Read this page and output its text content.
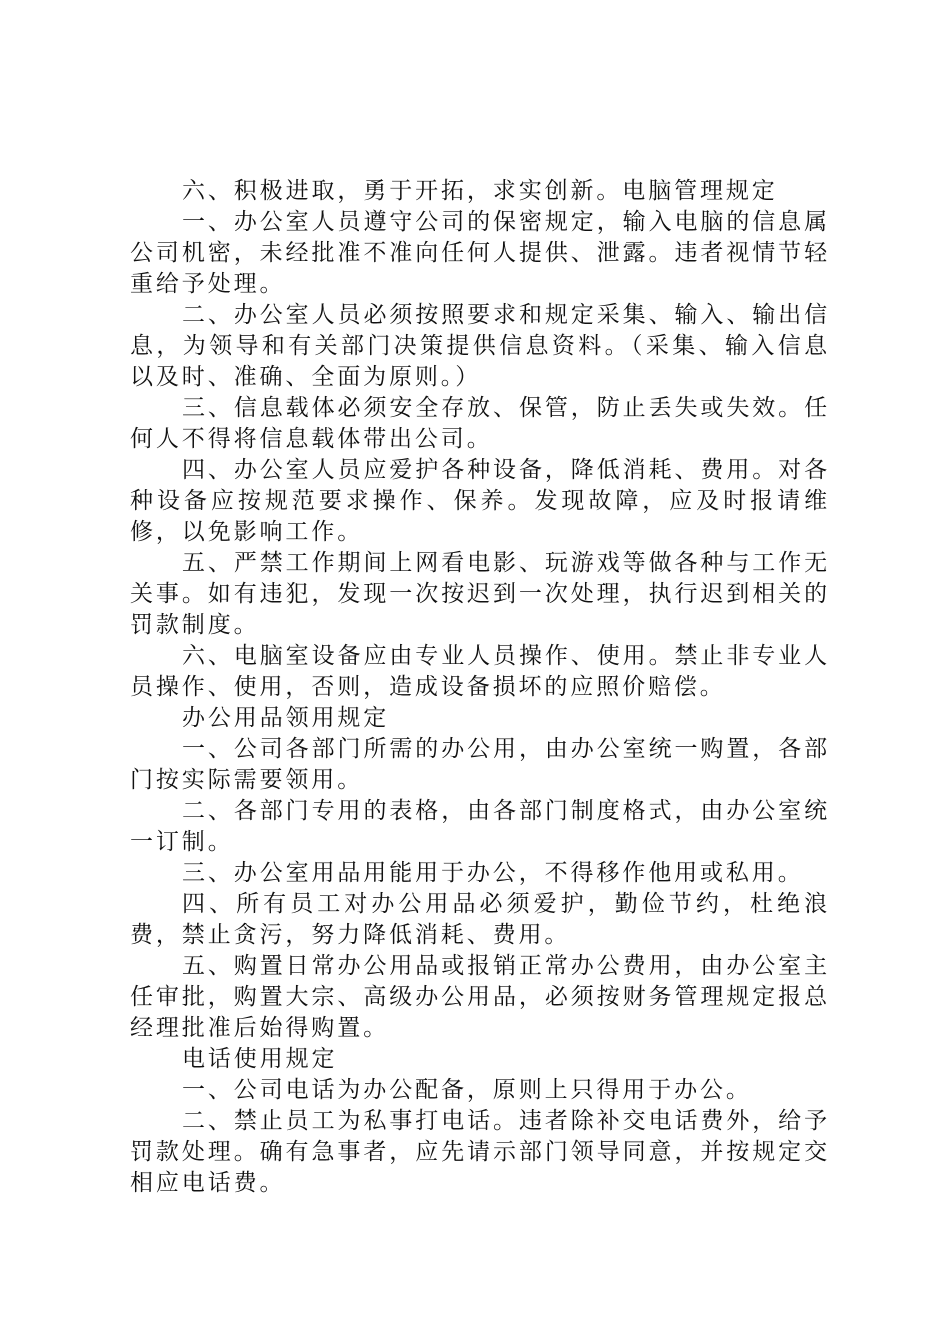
六、积极进取，勇于开拓，求实创新。电脑管理规定

一、办公室人员遵守公司的保密规定，输入电脑的信息属公司机密，未经批准不准向任何人提供、泄露。违者视情节轻重给予处理。

二、办公室人员必须按照要求和规定采集、输入、输出信息，为领导和有关部门决策提供信息资料。（采集、输入信息以及时、准确、全面为原则。）

三、信息载体必须安全存放、保管，防止丢失或失效。任何人不得将信息载体带出公司。

四、办公室人员应爱护各种设备，降低消耗、费用。对各种设备应按规范要求操作、保养。发现故障，应及时报请维修，以免影响工作。

五、严禁工作期间上网看电影、玩游戏等做各种与工作无关事。如有违犯，发现一次按迟到一次处理，执行迟到相关的罚款制度。

六、电脑室设备应由专业人员操作、使用。禁止非专业人员操作、使用，否则，造成设备损坏的应照价赔偿。

办公用品领用规定

一、公司各部门所需的办公用，由办公室统一购置，各部门按实际需要领用。

二、各部门专用的表格，由各部门制度格式，由办公室统一订制。

三、办公室用品用能用于办公，不得移作他用或私用。

四、所有员工对办公用品必须爱护，勤俭节约，杜绝浪费，禁止贪污，努力降低消耗、费用。

五、购置日常办公用品或报销正常办公费用，由办公室主任审批，购置大宗、高级办公用品，必须按财务管理规定报总经理批准后始得购置。

电话使用规定

一、公司电话为办公配备，原则上只得用于办公。

二、禁止员工为私事打电话。违者除补交电话费外，给予罚款处理。确有急事者，应先请示部门领导同意，并按规定交相应电话费。
